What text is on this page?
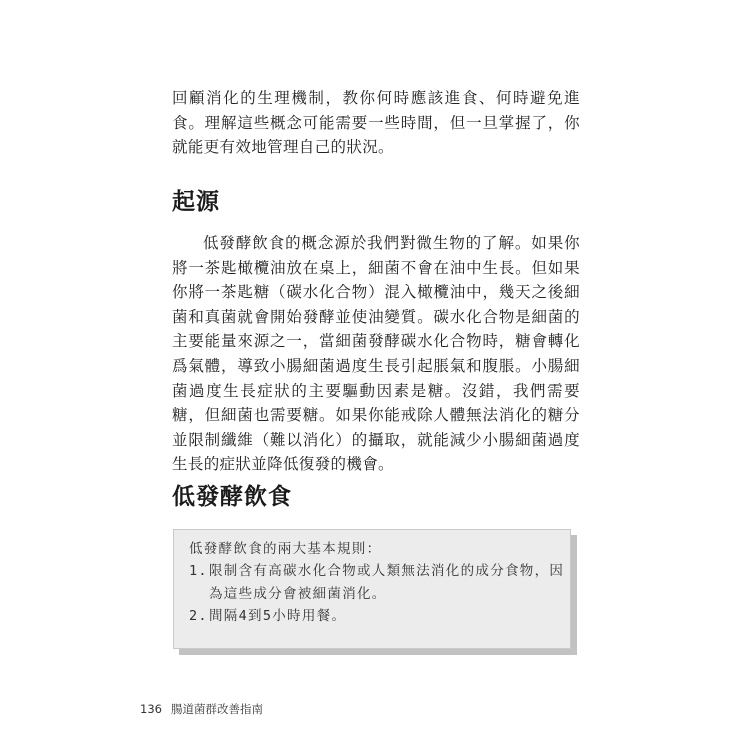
回顧消化的生理機制，教你何時應該進食、何時避免進食。理解這些概念可能需要一些時間，但一旦掌握了，你就能更有效地管理自己的狀況。

起源

低發酵飲食的概念源於我們對微生物的了解。如果你將一茶匙橄欖油放在桌上，細菌不會在油中生長。但如果你將一茶匙糖（碳水化合物）混入橄欖油中，幾天之後細菌和真菌就會開始發酵並使油變質。碳水化合物是細菌的主要能量來源之一，當細菌發酵碳水化合物時，糖會轉化爲氣體，導致小腸細菌過度生長引起脹氣和腹脹。小腸細菌過度生長症狀的主要驅動因素是糖。沒錯，我們需要糖，但細菌也需要糖。如果你能戒除人體無法消化的糖分並限制纖維（難以消化）的攝取，就能減少小腸細菌過度生長的症狀並降低復發的機會。

低發酵飲食

低發酵飲食的兩大基本規則：

1. 限制含有高碳水化合物或人類無法消化的成分食物，因為這些成分會被細菌消化。
2. 間隔4到5小時用餐。

136 腸道菌群改善指南
